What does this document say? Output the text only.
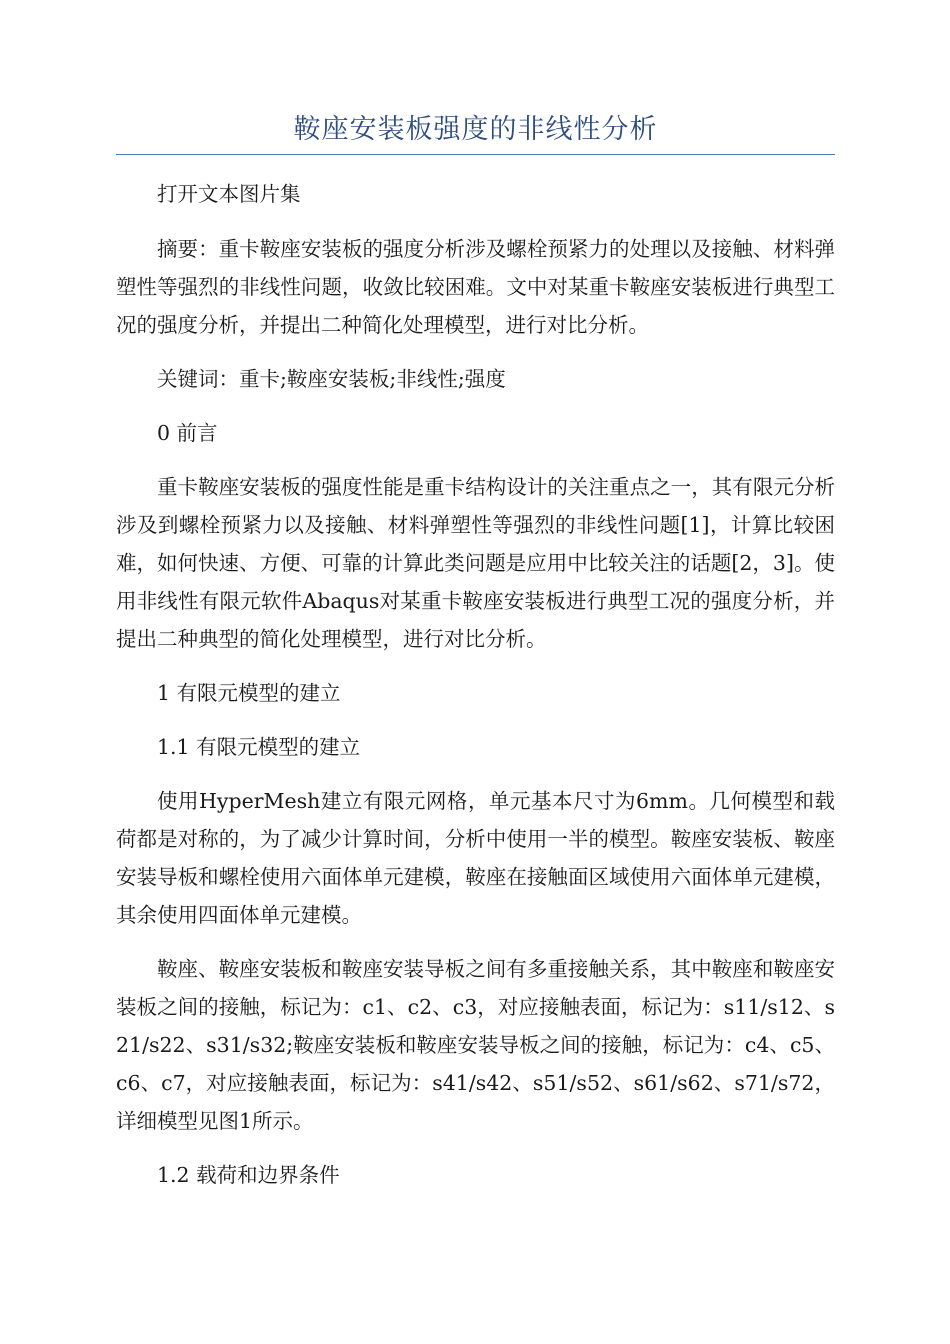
鞍座安装板强度的非线性分析

打开文本图片集

摘要：重卡鞍座安装板的强度分析涉及螺栓预紧力的处理以及接触、材料弹塑性等强烈的非线性问题，收敛比较困难。文中对某重卡鞍座安装板进行典型工况的强度分析，并提出二种简化处理模型，进行对比分析。

关键词：重卡;鞍座安装板;非线性;强度

0 前言

重卡鞍座安装板的强度性能是重卡结构设计的关注重点之一，其有限元分析涉及到螺栓预紧力以及接触、材料弹塑性等强烈的非线性问题[1]，计算比较困难，如何快速、方便、可靠的计算此类问题是应用中比较关注的话题[2，3]。使用非线性有限元软件Abaqus对某重卡鞍座安装板进行典型工况的强度分析，并提出二种典型的简化处理模型，进行对比分析。

1 有限元模型的建立

1.1 有限元模型的建立

使用HyperMesh建立有限元网格，单元基本尺寸为6mm。几何模型和载荷都是对称的，为了减少计算时间，分析中使用一半的模型。鞍座安装板、鞍座安装导板和螺栓使用六面体单元建模，鞍座在接触面区域使用六面体单元建模，其余使用四面体单元建模。

鞍座、鞍座安装板和鞍座安装导板之间有多重接触关系，其中鞍座和鞍座安装板之间的接触，标记为：c1、c2、c3，对应接触表面，标记为：s11/s12、s21/s22、s31/s32;鞍座安装板和鞍座安装导板之间的接触，标记为：c4、c5、c6、c7，对应接触表面，标记为：s41/s42、s51/s52、s61/s62、s71/s72，详细模型见图1所示。

1.2 载荷和边界条件
